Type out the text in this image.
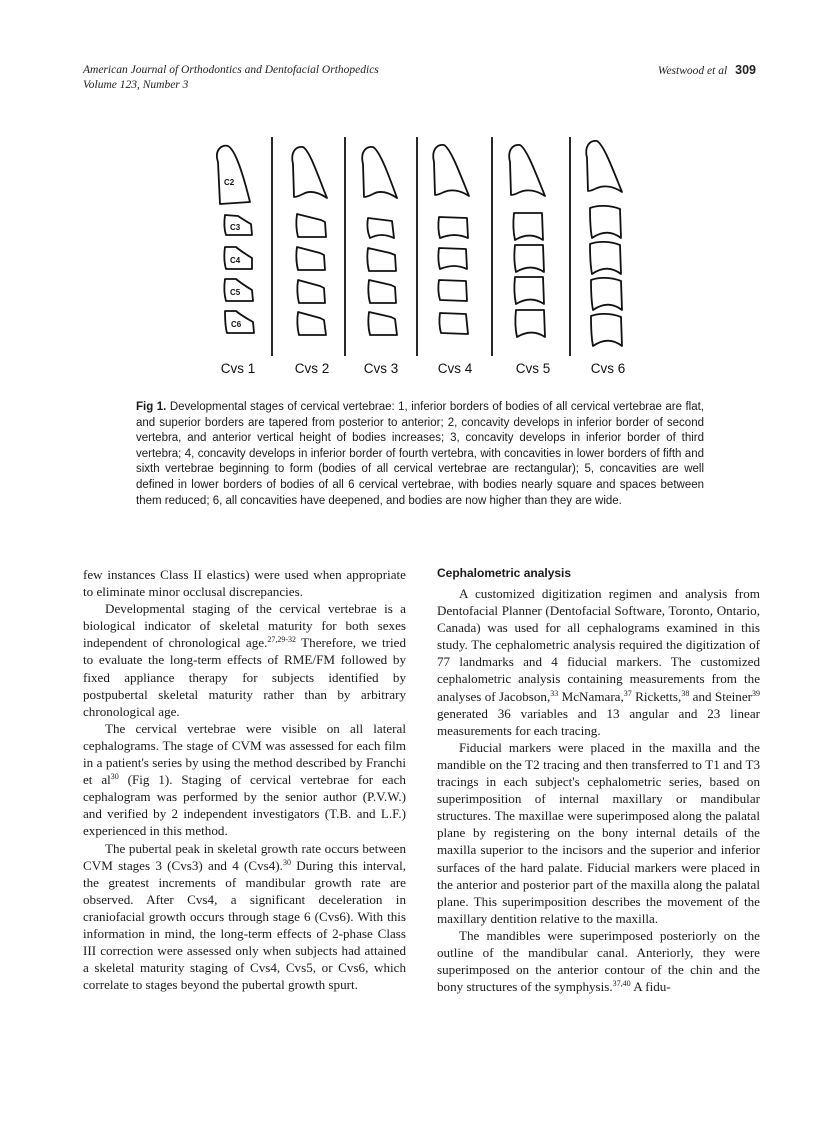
American Journal of Orthodontics and Dentofacial Orthopedics
Volume 123, Number 3
Westwood et al 309
C2
C3
C4
C5
C6
Cvs 1	Cvs 2	Cvs 3	Cvs 4	Cvs 5	Cvs 6
Fig 1. Developmental stages of cervical vertebrae: 1, inferior borders of bodies of all cervical vertebrae are flat, and superior borders are tapered from posterior to anterior; 2, concavity develops in inferior border of second vertebra, and anterior vertical height of bodies increases; 3, concavity develops in inferior border of third vertebra; 4, concavity develops in inferior border of fourth vertebra, with concavities in lower borders of fifth and sixth vertebrae beginning to form (bodies of all cervical vertebrae are rectangular); 5, concavities are well defined in lower borders of bodies of all 6 cervical vertebrae, with bodies nearly square and spaces between them reduced; 6, all concavities have deepened, and bodies are now higher than they are wide.

few instances Class II elastics) were used when appropriate to eliminate minor occlusal discrepancies.

Developmental staging of the cervical vertebrae is a biological indicator of skeletal maturity for both sexes independent of chronological age.$^{27,29-32}$ Therefore, we tried to evaluate the long-term effects of RME/FM followed by fixed appliance therapy for subjects identified by postpubertal skeletal maturity rather than by arbitrary chronological age.

The cervical vertebrae were visible on all lateral cephalograms. The stage of CVM was assessed for each film in a patient's series by using the method described by Franchi et $al^{30}$ (Fig 1). Staging of cervical vertebrae for each cephalogram was performed by the senior author (P.V.W.) and verified by 2 independent investigators (T.B. and L.F.) experienced in this method.

The pubertal peak in skeletal growth rate occurs between CVM stages 3 (Cvs3) and 4 (Cvs4).$^{30}$ During this interval, the greatest increments of mandibular growth rate are observed. After Cvs4, a significant deceleration in craniofacial growth occurs through stage 6 (Cvs6). With this information in mind, the long-term effects of 2-phase Class III correction were assessed only when subjects had attained a skeletal maturity staging of Cvs4, Cvs5, or Cvs6, which correlate to stages beyond the pubertal growth spurt.

Cephalometric analysis

A customized digitization regimen and analysis from Dentofacial Planner (Dentofacial Software, Toronto, Ontario, Canada) was used for all cephalograms examined in this study. The cephalometric analysis required the digitization of 77 landmarks and 4 fiducial markers. The customized cephalometric analysis containing measurements from the analyses of Jacobson,$^{33}$ McNamara,$^{37}$ Ricketts,$^{38}$ and Steiner$^{39}$ generated 36 variables and 13 angular and 23 linear measurements for each tracing.

Fiducial markers were placed in the maxilla and the mandible on the T2 tracing and then transferred to T1 and T3 tracings in each subject's cephalometric series, based on superimposition of internal maxillary or mandibular structures. The maxillae were superimposed along the palatal plane by registering on the bony internal details of the maxilla superior to the incisors and the superior and inferior surfaces of the hard palate. Fiducial markers were placed in the anterior and posterior part of the maxilla along the palatal plane. This superimposition describes the movement of the maxillary dentition relative to the maxilla.

The mandibles were superimposed posteriorly on the outline of the mandibular canal. Anteriorly, they were superimposed on the anterior contour of the chin and the bony structures of the symphysis.$^{37,40}$ A fidu-
